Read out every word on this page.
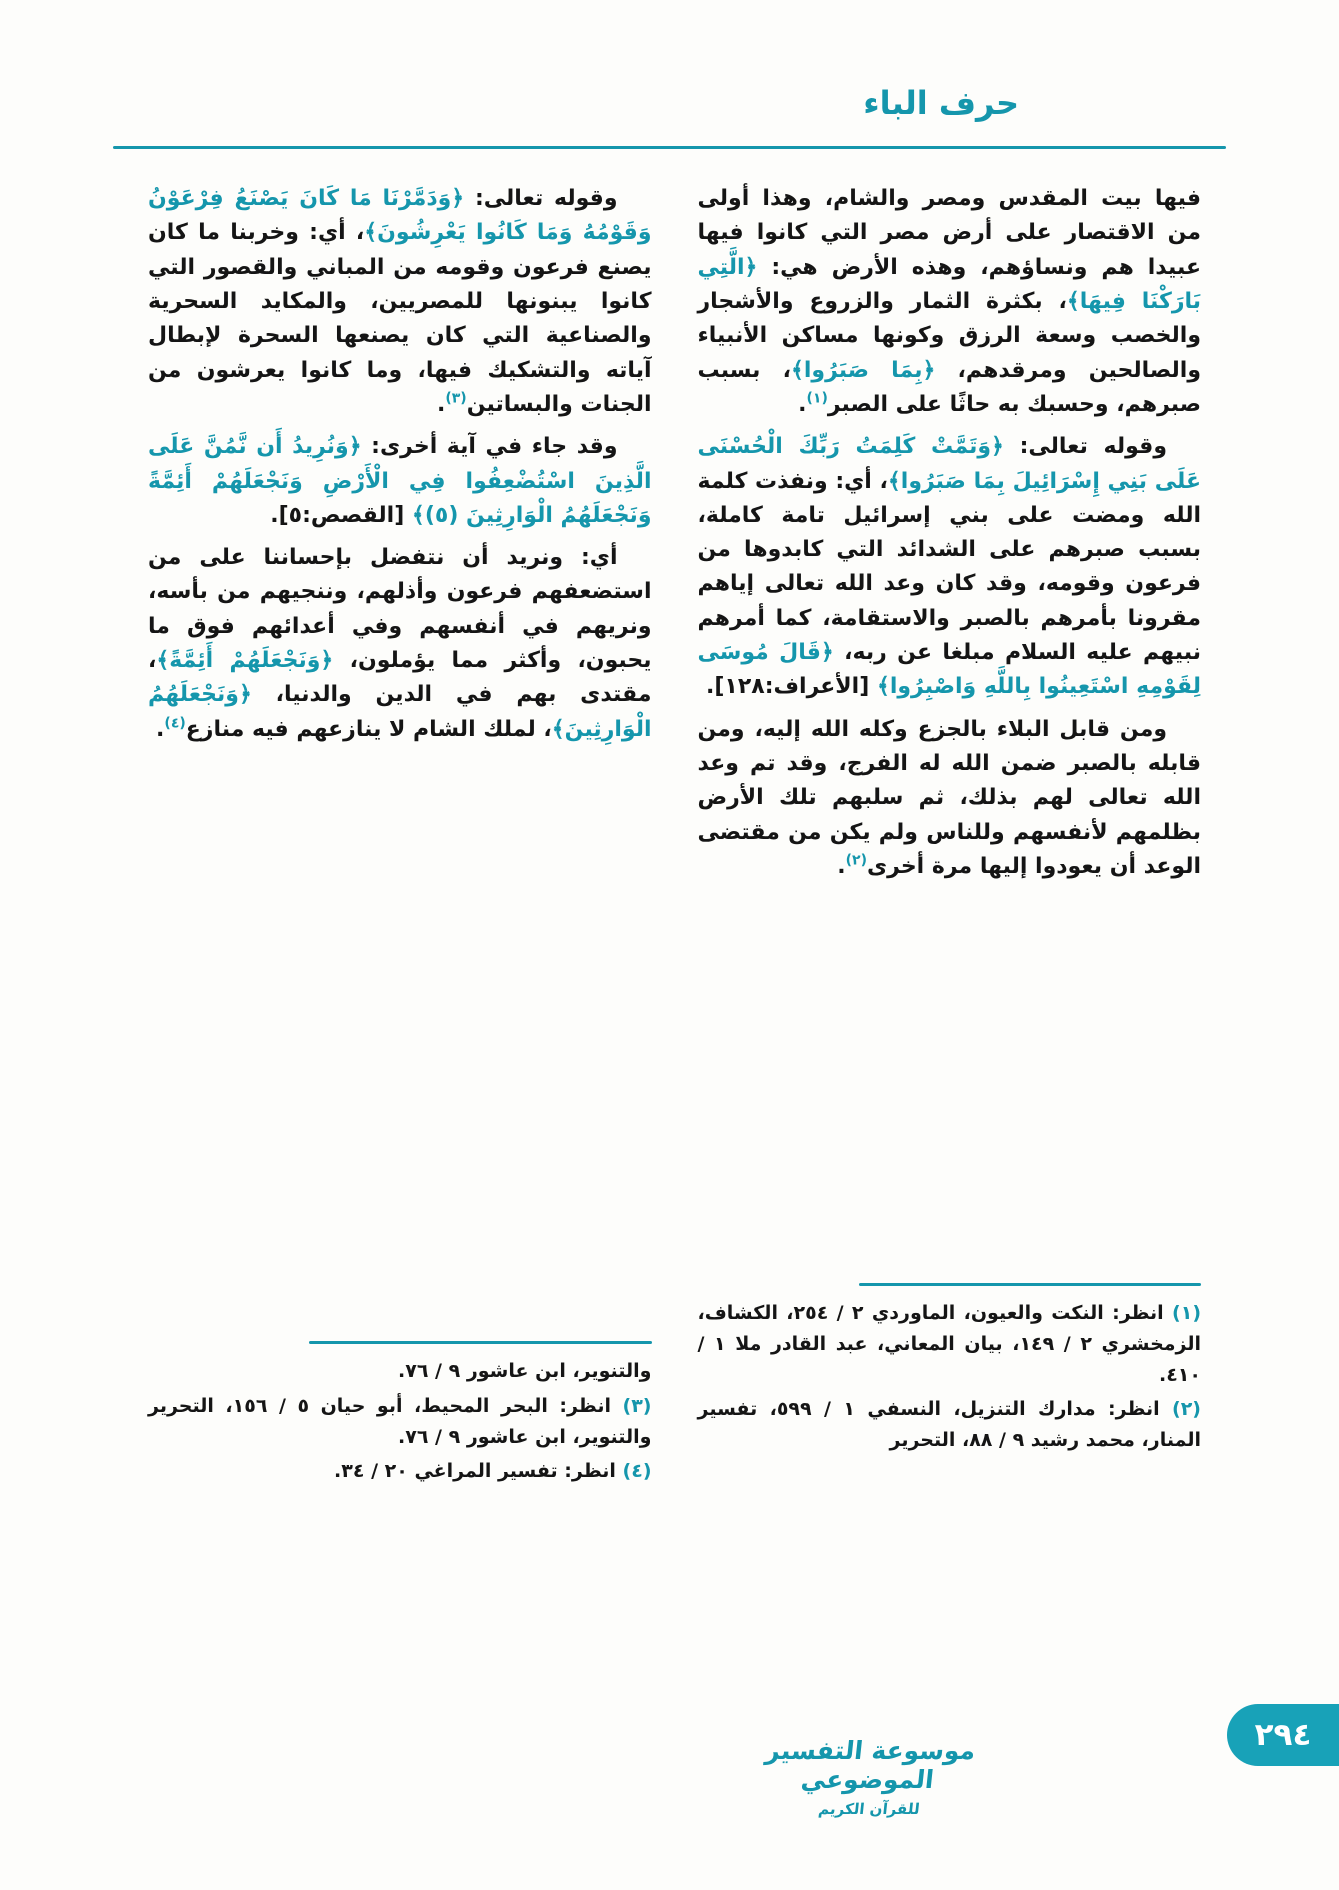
حرف الباء

فيها بيت المقدس ومصر والشام، وهذا أولى من الاقتصار على أرض مصر التي كانوا فيها عبيدا هم ونساؤهم، وهذه الأرض هي: ﴿الَّتِي بَارَكْنَا فِيهَا﴾، بكثرة الثمار والزروع والأشجار والخصب وسعة الرزق وكونها مساكن الأنبياء والصالحين ومرقدهم، ﴿بِمَا صَبَرُوا﴾، بسبب صبرهم، وحسبك به حاثًا على الصبر$^{(١)}$.

وقوله تعالى: ﴿وَتَمَّتْ كَلِمَتُ رَبِّكَ الْحُسْنَى عَلَى بَنِي إِسْرَائِيلَ بِمَا صَبَرُوا﴾، أي: ونفذت كلمة الله ومضت على بني إسرائيل تامة كاملة، بسبب صبرهم على الشدائد التي كابدوها من فرعون وقومه، وقد كان وعد الله تعالى إياهم مقرونا بأمرهم بالصبر والاستقامة، كما أمرهم نبيهم عليه السلام مبلغا عن ربه، ﴿قَالَ مُوسَى لِقَوْمِهِ اسْتَعِينُوا بِاللَّهِ وَاصْبِرُوا﴾ [الأعراف:١٢٨].

ومن قابل البلاء بالجزع وكله الله إليه، ومن قابله بالصبر ضمن الله له الفرج، وقد تم وعد الله تعالى لهم بذلك، ثم سلبهم تلك الأرض بظلمهم لأنفسهم وللناس ولم يكن من مقتضى الوعد أن يعودوا إليها مرة أخرى$^{(٢)}$.

وقوله تعالى: ﴿وَدَمَّرْنَا مَا كَانَ يَصْنَعُ فِرْعَوْنُ وَقَوْمُهُ وَمَا كَانُوا يَعْرِشُونَ﴾، أي: وخربنا ما كان يصنع فرعون وقومه من المباني والقصور التي كانوا يبنونها للمصريين، والمكايد السحرية والصناعية التي كان يصنعها السحرة لإبطال آياته والتشكيك فيها، وما كانوا يعرشون من الجنات والبساتين$^{(٣)}$.

وقد جاء في آية أخرى: ﴿وَنُرِيدُ أَن نَّمُنَّ عَلَى الَّذِينَ اسْتُضْعِفُوا فِي الْأَرْضِ وَنَجْعَلَهُمْ أَئِمَّةً وَنَجْعَلَهُمُ الْوَارِثِينَ (٥)﴾ [القصص:٥].

أي: ونريد أن نتفضل بإحساننا على من استضعفهم فرعون وأذلهم، وننجيهم من بأسه، ونريهم في أنفسهم وفي أعدائهم فوق ما يحبون، وأكثر مما يؤملون، ﴿وَنَجْعَلَهُمْ أَئِمَّةً﴾، مقتدى بهم في الدين والدنيا، ﴿وَنَجْعَلَهُمُ الْوَارِثِينَ﴾، لملك الشام لا ينازعهم فيه منازع$^{(٤)}$.

(١) انظر: النكت والعيون، الماوردي ٢ / ٢٥٤، الكشاف، الزمخشري ٢ / ١٤٩، بيان المعاني، عبد القادر ملا ١ / ٤١٠.
(٢) انظر: مدارك التنزيل، النسفي ١ / ٥٩٩، تفسير المنار، محمد رشيد ٩ / ٨٨، التحرير
والتنوير، ابن عاشور ٩ / ٧٦.
(٣) انظر: البحر المحيط، أبو حيان ٥ / ١٥٦، التحرير والتنوير، ابن عاشور ٩ / ٧٦.
(٤) انظر: تفسير المراغي ٢٠ / ٣٤.
موسوعة التفسير الموضوعي
للقرآن الكريم
٢٩٤
